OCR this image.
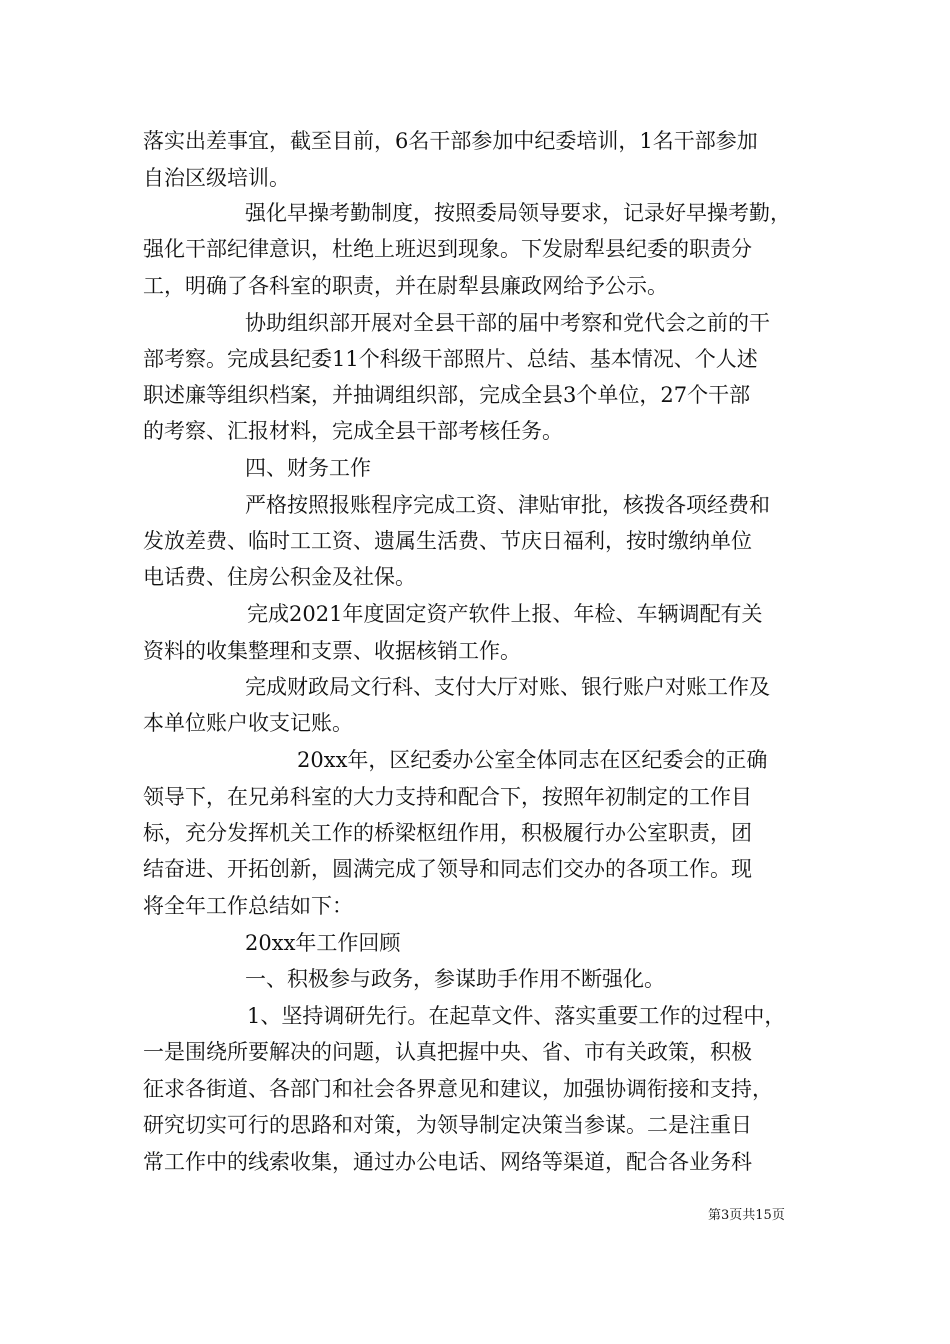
落实出差事宜，截至目前，6名干部参加中纪委培训，1名干部参加
自治区级培训。
强化早操考勤制度，按照委局领导要求，记录好早操考勤，
强化干部纪律意识，杜绝上班迟到现象。下发尉犁县纪委的职责分
工，明确了各科室的职责，并在尉犁县廉政网给予公示。
协助组织部开展对全县干部的届中考察和党代会之前的干
部考察。完成县纪委11个科级干部照片、总结、基本情况、个人述
职述廉等组织档案，并抽调组织部，完成全县3个单位，27个干部
的考察、汇报材料，完成全县干部考核任务。
四、财务工作
严格按照报账程序完成工资、津贴审批，核拨各项经费和
发放差费、临时工工资、遗属生活费、节庆日福利，按时缴纳单位
电话费、住房公积金及社保。
完成2021年度固定资产软件上报、年检、车辆调配有关
资料的收集整理和支票、收据核销工作。
完成财政局文行科、支付大厅对账、银行账户对账工作及
本单位账户收支记账。
20xx年，区纪委办公室全体同志在区纪委会的正确
领导下，在兄弟科室的大力支持和配合下，按照年初制定的工作目
标，充分发挥机关工作的桥梁枢纽作用，积极履行办公室职责，团
结奋进、开拓创新，圆满完成了领导和同志们交办的各项工作。现
将全年工作总结如下：
20xx年工作回顾
一、积极参与政务，参谋助手作用不断强化。
1、坚持调研先行。在起草文件、落实重要工作的过程中，
一是围绕所要解决的问题，认真把握中央、省、市有关政策，积极
征求各街道、各部门和社会各界意见和建议，加强协调衔接和支持，
研究切实可行的思路和对策，为领导制定决策当参谋。二是注重日
常工作中的线索收集，通过办公电话、网络等渠道，配合各业务科
第3页共15页
